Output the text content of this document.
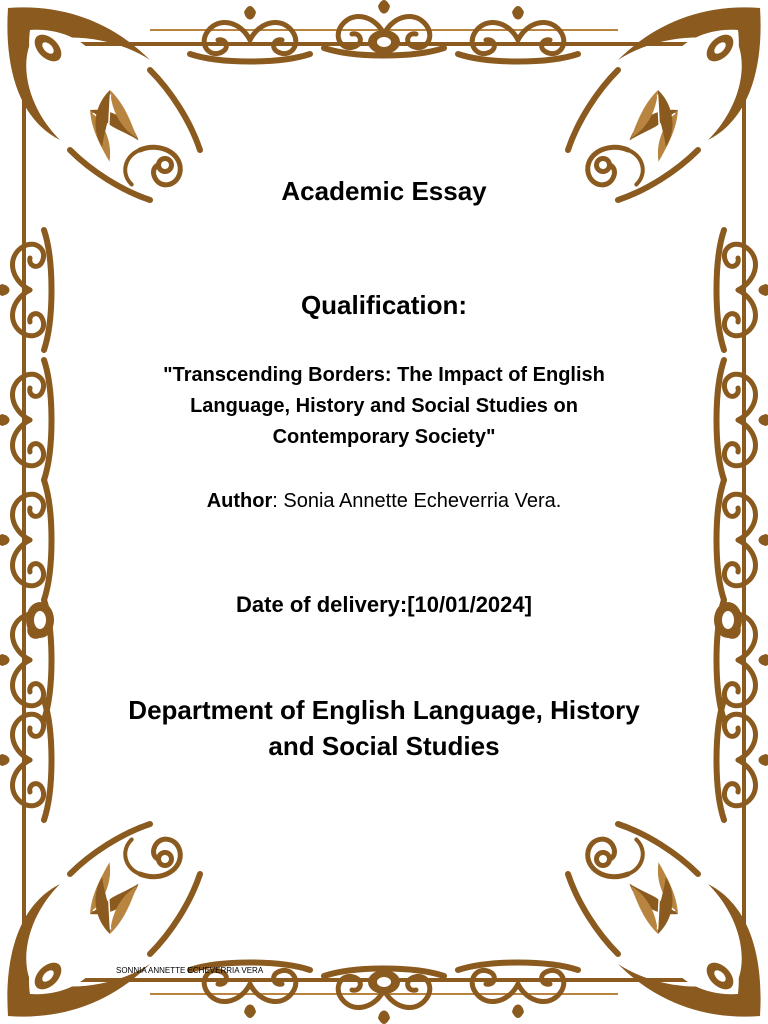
Academic Essay
Qualification:
"Transcending Borders: The Impact of English Language, History and Social Studies on Contemporary Society"
Author: Sonia Annette Echeverria Vera.
Date of delivery:[10/01/2024]
Department of English Language, History and Social Studies
SONNIA ANNETTE ECHEVERRIA VERA
